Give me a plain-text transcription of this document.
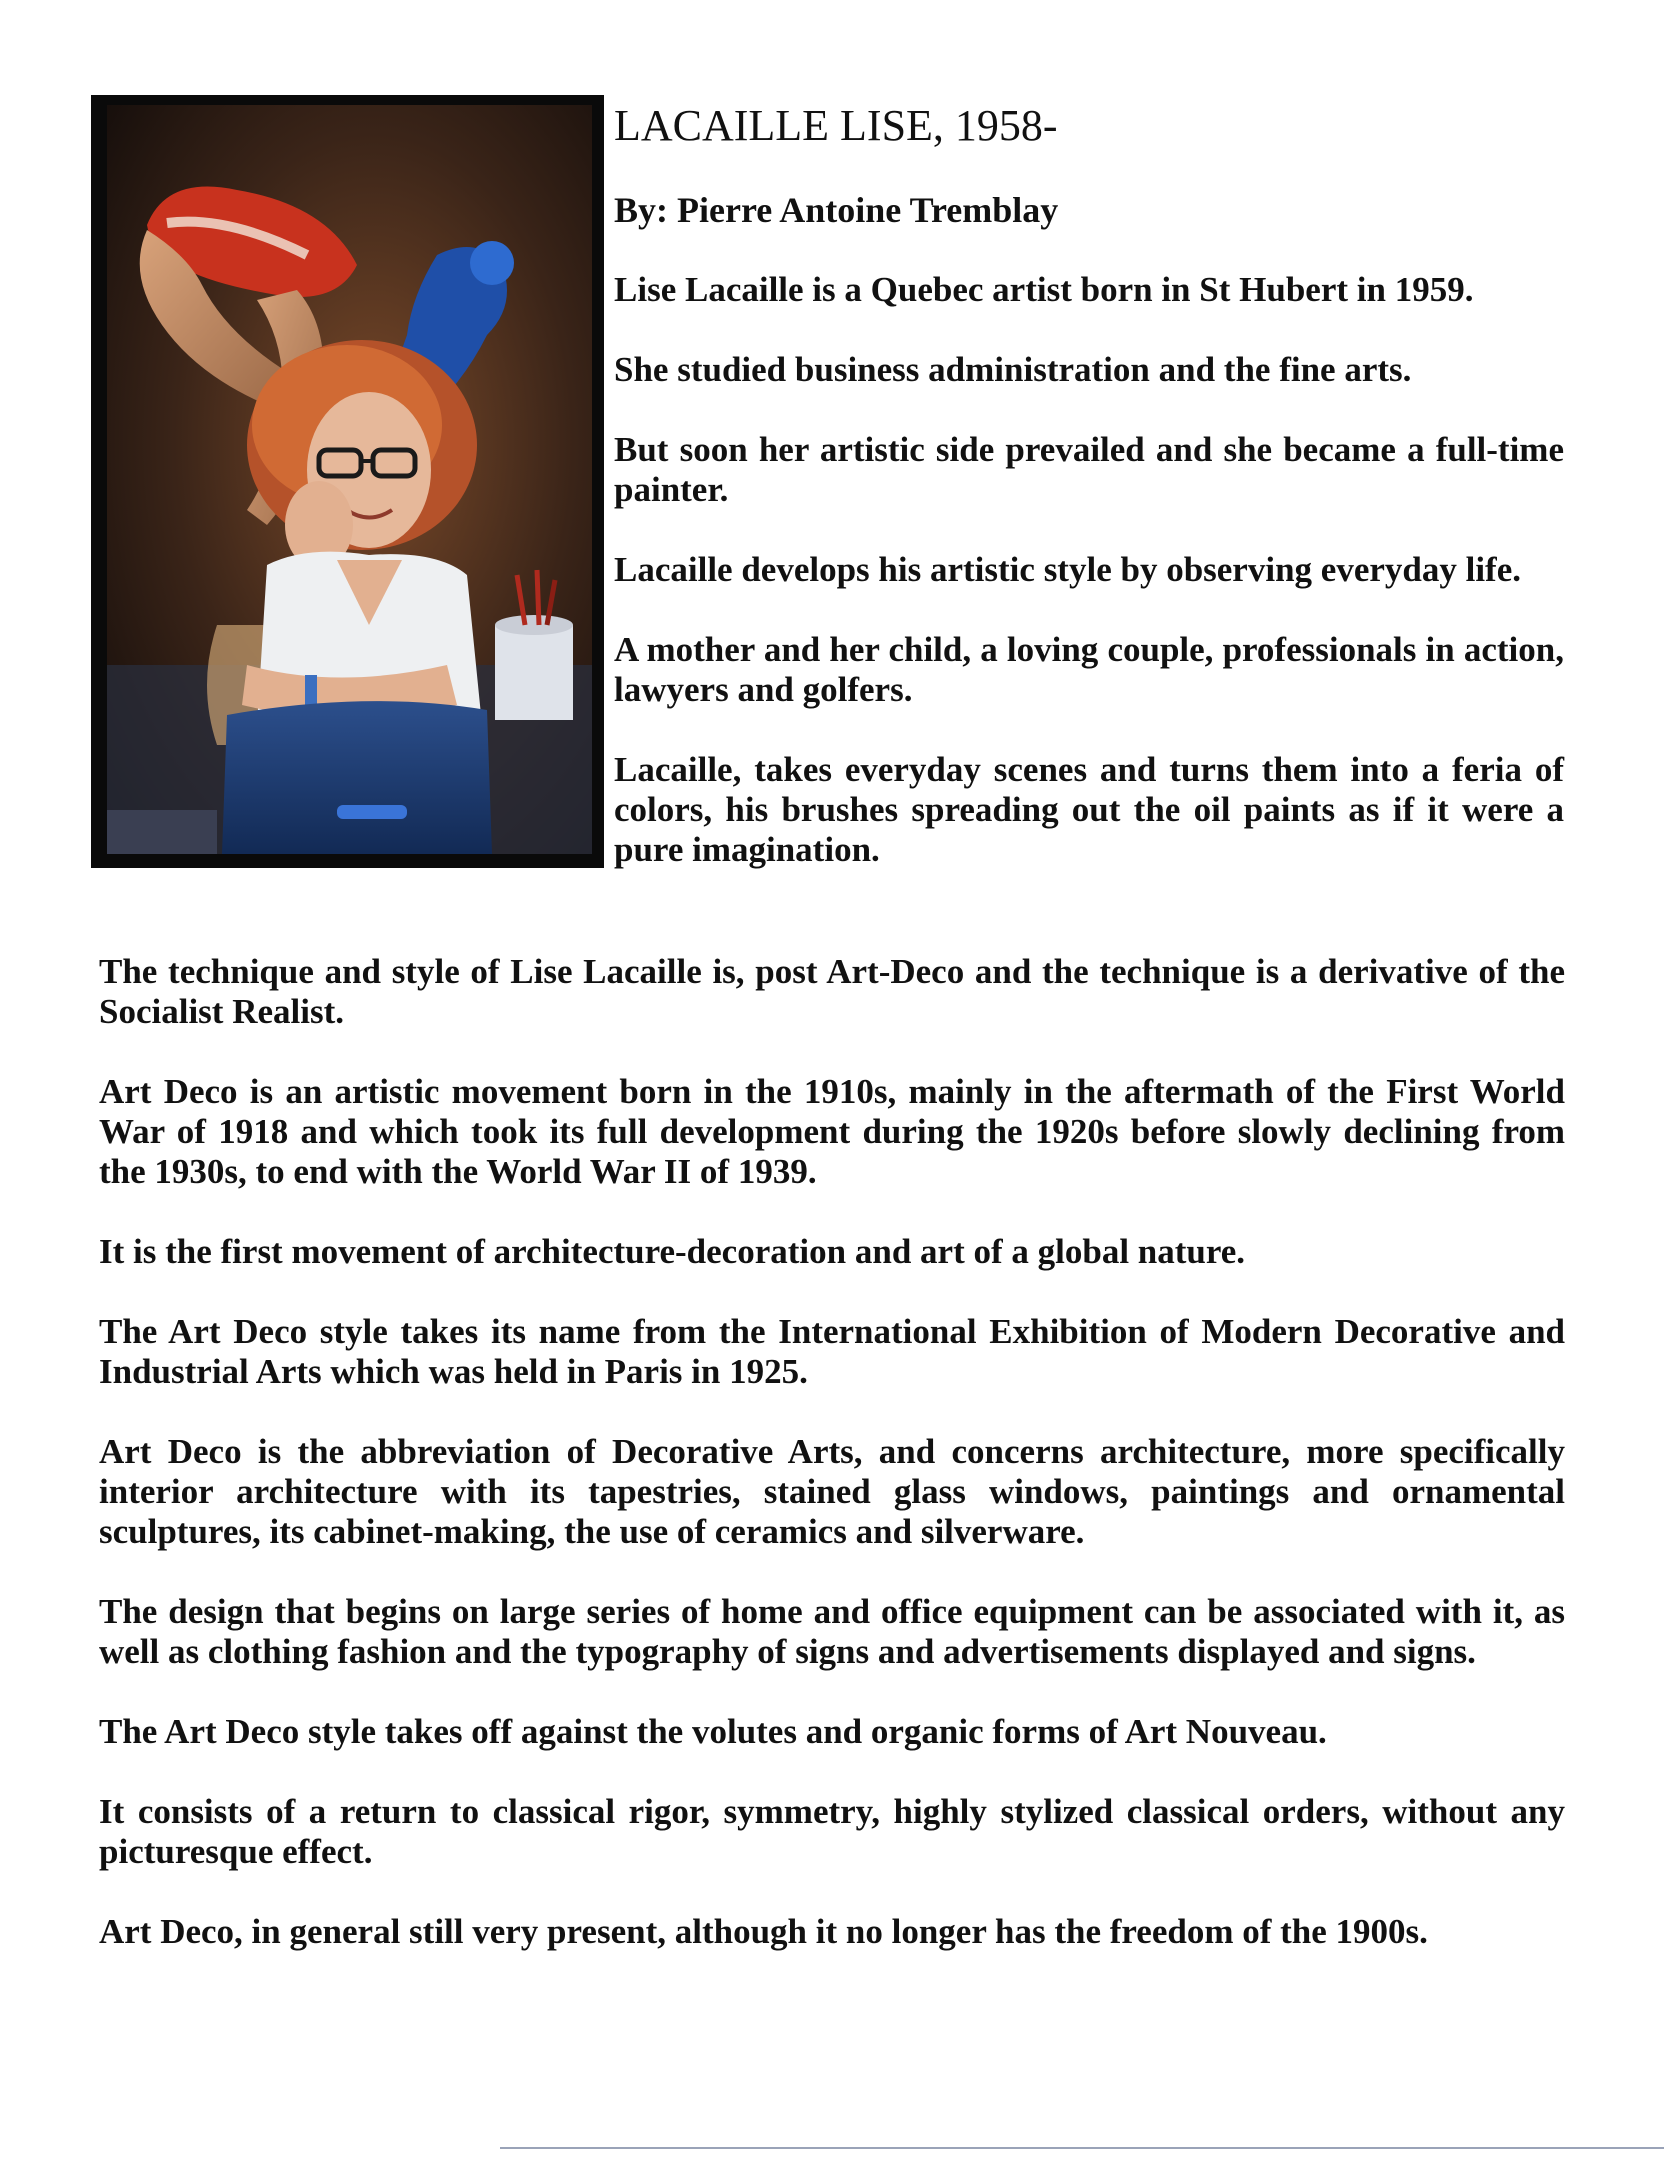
LACAILLE LISE, 1958-

By: Pierre Antoine Tremblay

Lise Lacaille is a Quebec artist born in St Hubert in 1959.

She studied business administration and the fine arts.

But soon her artistic side prevailed and she became a full-time painter.

Lacaille develops his artistic style by observing everyday life.

A mother and her child, a loving couple, professionals in action, lawyers and golfers.

Lacaille, takes everyday scenes and turns them into a feria of colors, his brushes spreading out the oil paints as if it were a pure imagination.

The technique and style of Lise Lacaille is, post Art-Deco and the technique is a derivative of the Socialist Realist.

Art Deco is an artistic movement born in the 1910s, mainly in the aftermath of the First World War of 1918 and which took its full development during the 1920s before slowly declining from the 1930s, to end with the World War II of 1939.

It is the first movement of architecture-decoration and art of a global nature.

The Art Deco style takes its name from the International Exhibition of Modern Decorative and Industrial Arts which was held in Paris in 1925.

Art Deco is the abbreviation of Decorative Arts, and concerns architecture, more specifically interior architecture with its tapestries, stained glass windows, paintings and ornamental sculptures, its cabinet-making, the use of ceramics and silverware.

The design that begins on large series of home and office equipment can be associated with it, as well as clothing fashion and the typography of signs and advertisements displayed and signs.

The Art Deco style takes off against the volutes and organic forms of Art Nouveau.

It consists of a return to classical rigor, symmetry, highly stylized classical orders, without any picturesque effect.

Art Deco, in general still very present, although it no longer has the freedom of the 1900s.
